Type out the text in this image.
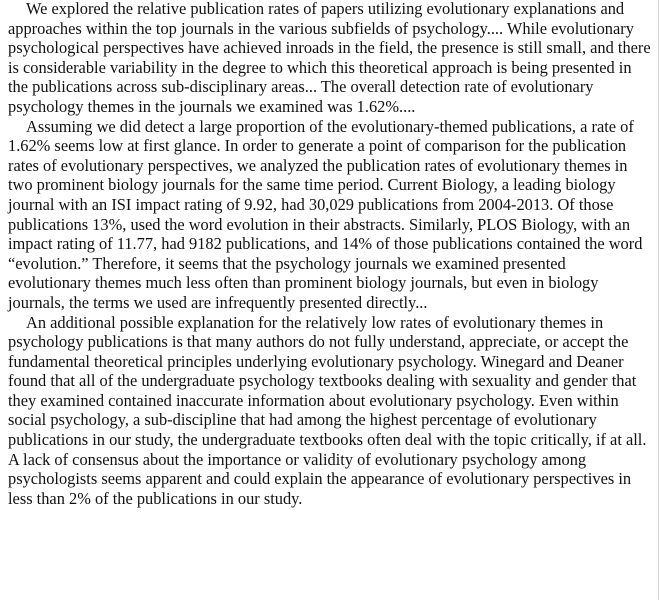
We explored the relative publication rates of papers utilizing evolutionary explanations and approaches within the top journals in the various subfields of psychology.... While evolutionary psychological perspectives have achieved inroads in the field, the presence is still small, and there is considerable variability in the degree to which this theoretical approach is being presented in the publications across sub-disciplinary areas... The overall detection rate of evolutionary psychology themes in the journals we examined was 1.62%....

Assuming we did detect a large proportion of the evolutionary-themed publications, a rate of 1.62% seems low at first glance. In order to generate a point of comparison for the publication rates of evolutionary perspectives, we analyzed the publication rates of evolutionary themes in two prominent biology journals for the same time period. Current Biology, a leading biology journal with an ISI impact rating of 9.92, had 30,029 publications from 2004-2013. Of those publications 13%, used the word evolution in their abstracts. Similarly, PLOS Biology, with an impact rating of 11.77, had 9182 publications, and 14% of those publications contained the word “evolution.” Therefore, it seems that the psychology journals we examined presented evolutionary themes much less often than prominent biology journals, but even in biology journals, the terms we used are infrequently presented directly...

An additional possible explanation for the relatively low rates of evolutionary themes in psychology publications is that many authors do not fully understand, appreciate, or accept the fundamental theoretical principles underlying evolutionary psychology. Winegard and Deaner found that all of the undergraduate psychology textbooks dealing with sexuality and gender that they examined contained inaccurate information about evolutionary psychology. Even within social psychology, a sub-discipline that had among the highest percentage of evolutionary publications in our study, the undergraduate textbooks often deal with the topic critically, if at all. A lack of consensus about the importance or validity of evolutionary psychology among psychologists seems apparent and could explain the appearance of evolutionary perspectives in less than 2% of the publications in our study.
